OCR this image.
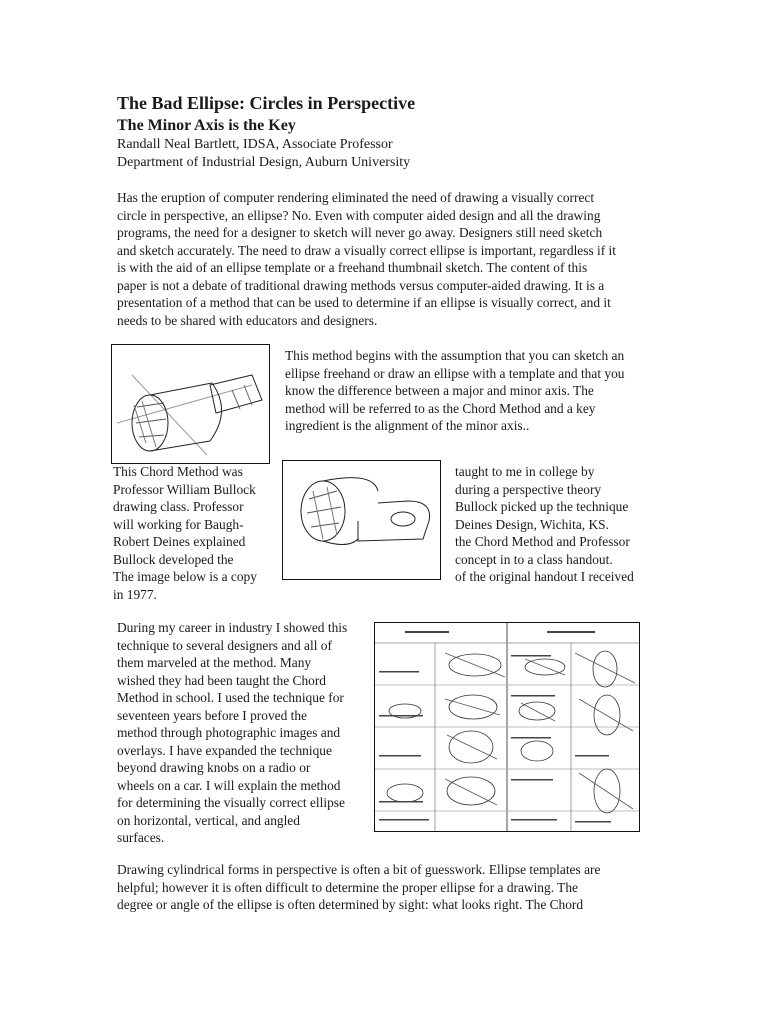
The Bad Ellipse: Circles in Perspective
The Minor Axis is the Key
Randall Neal Bartlett, IDSA, Associate Professor
Department of Industrial Design, Auburn University
Has the eruption of computer rendering eliminated the need of drawing a visually correct
circle in perspective, an ellipse? No. Even with computer aided design and all the drawing
programs, the need for a designer to sketch will never go away. Designers still need sketch
and sketch accurately. The need to draw a visually correct ellipse is important, regardless if it
is with the aid of an ellipse template or a freehand thumbnail sketch. The content of this
paper is not a debate of traditional drawing methods versus computer-aided drawing. It is a
presentation of a method that can be used to determine if an ellipse is visually correct, and it
needs to be shared with educators and designers.
This method begins with the assumption that you can sketch an
ellipse freehand or draw an ellipse with a template and that you
know the difference between a major and minor axis. The
method will be referred to as the Chord Method and a key
ingredient is the alignment of the minor axis..
This Chord Method was
Professor William Bullock
drawing class. Professor
will working for Baugh-
Robert Deines explained
Bullock developed the
The image below is a copy
in 1977.
taught to me in college by
during a perspective theory
Bullock picked up the technique
Deines Design, Wichita, KS.
the Chord Method and Professor
concept in to a class handout.
of the original handout I received
During my career in industry I showed this
technique to several designers and all of
them marveled at the method. Many
wished they had been taught the Chord
Method in school. I used the technique for
seventeen years before I proved the
method through photographic images and
overlays. I have expanded the technique
beyond drawing knobs on a radio or
wheels on a car. I will explain the method
for determining the visually correct ellipse
on horizontal, vertical, and angled
surfaces.
Drawing cylindrical forms in perspective is often a bit of guesswork. Ellipse templates are
helpful; however it is often difficult to determine the proper ellipse for a drawing. The
degree or angle of the ellipse is often determined by sight: what looks right. The Chord
